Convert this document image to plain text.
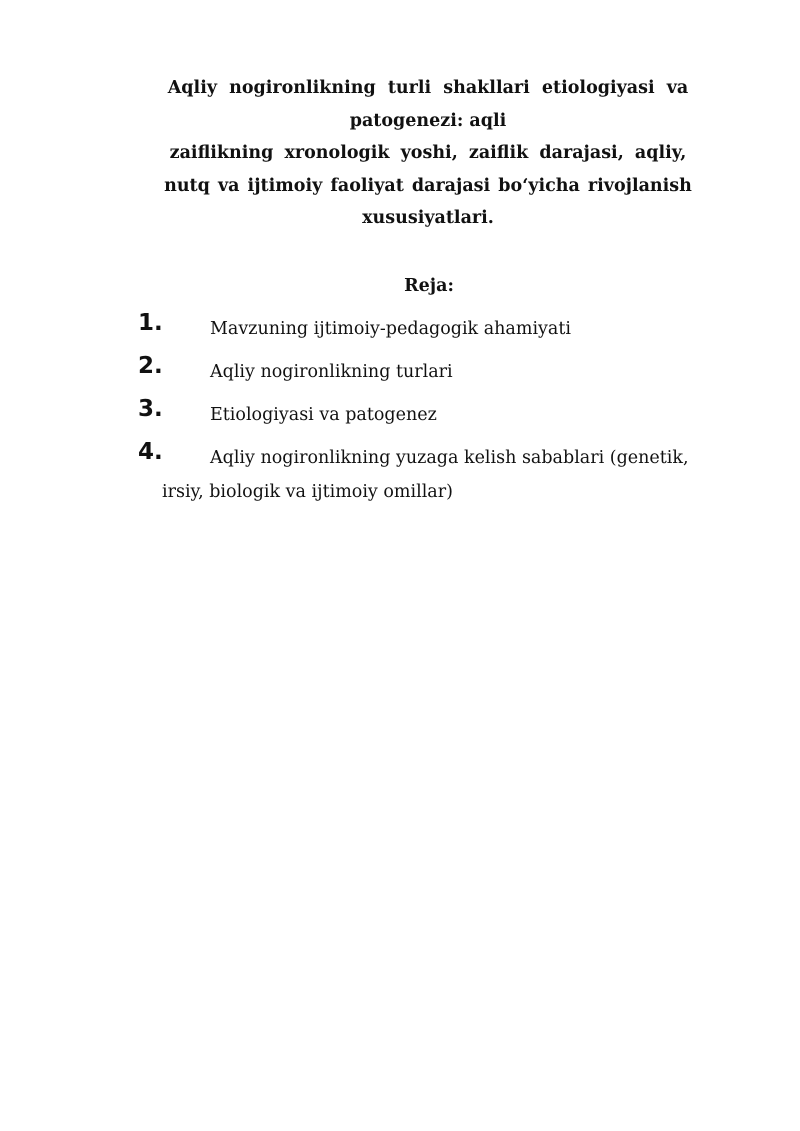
Aqliy nogironlikning turli shakllari etiologiyasi va
patogenezi: aqli
zaiflikning xronologik yoshi, zaiflik darajasi, aqliy,
nutq va ijtimoiy faoliyat darajasi bo‘yicha rivojlanish
xususiyatlari.
Reja:
1.	Mavzuning ijtimoiy-pedagogik ahamiyati
2.	Aqliy nogironlikning turlari
3.	Etiologiyasi va patogenez
4.	Aqliy nogironlikning yuzaga kelish sabablari (genetik,
irsiy, biologik va ijtimoiy omillar)
